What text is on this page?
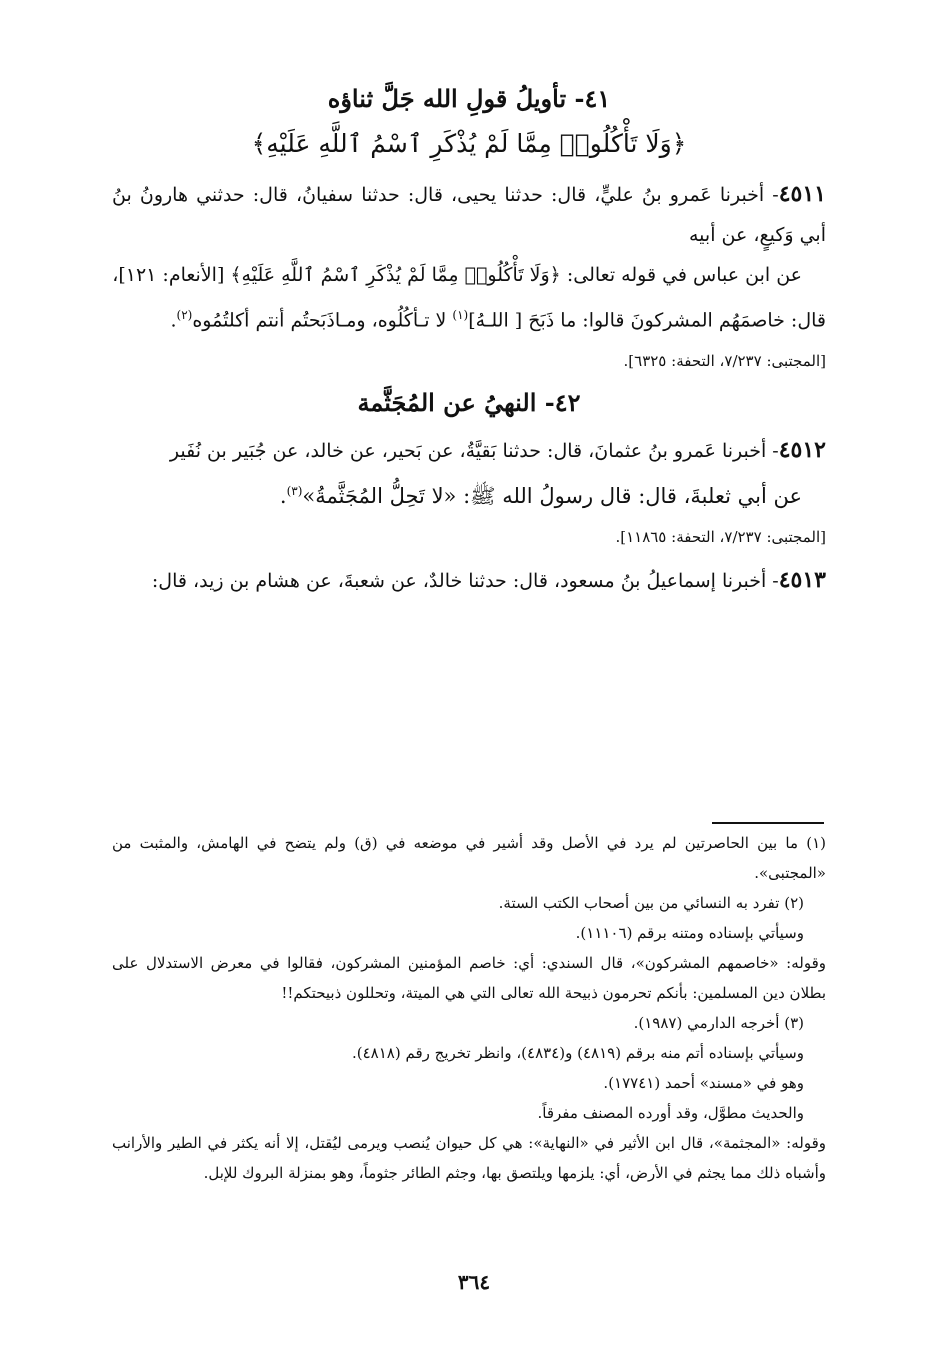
٤١- تأويلُ قولِ الله جَلَّ ثناؤه

﴿وَلَا تَأْكُلُوا۟ مِمَّا لَمْ يُذْكَرِ ٱسْمُ ٱللَّهِ عَلَيْهِ﴾

٤٥١١- أخبرنا عَمرو بنُ عليٍّ، قال: حدثنا يحيى، قال: حدثنا سفيانُ، قال: حدثني هارونُ بنُ أبي وَكيعٍ، عن أبيه

عن ابن عباس في قوله تعالى: ﴿وَلَا تَأْكُلُوا۟ مِمَّا لَمْ يُذْكَرِ ٱسْمُ ٱللَّهِ عَلَيْهِ﴾ [الأنعام: ١٢١]،

قال: خاصمَهُم المشركونَ قالوا: ما ذَبَحَ [ اللـهُ]$^{(١)}$ لا تـأكُلُوه، ومـاذَبَحتُم أنتم أكلتُمُوه$^{(٢)}$.

[المجتبى: ٧/٢٣٧، التحفة: ٦٣٢٥].

٤٢- النهيُ عن المُجَثَّمة

٤٥١٢- أخبرنا عَمرو بنُ عثمانَ، قال: حدثنا بَقيَّةُ، عن بَحير، عن خالد، عن جُبَير بن نُفَير

عن أبي ثعلبةَ، قال: قال رسولُ الله ﷺ: «لا تَحِلُّ المُجَثَّمةُ»$^{(٣)}$.

[المجتبى: ٧/٢٣٧، التحفة: ١١٨٦٥].

٤٥١٣- أخبرنا إسماعيلُ بنُ مسعود، قال: حدثنا خالدٌ، عن شعبةَ، عن هشام بن زيد، قال:

(١) ما بين الحاصرتين لم يرد في الأصل وقد أشير في موضعه في (ق) ولم يتضح في الهامش، والمثبت من «المجتبى».

(٢) تفرد به النسائي من بين أصحاب الكتب الستة.

وسيأتي بإسناده ومتنه برقم (١١١٠٦).

وقوله: «خاصمهم المشركون»، قال السندي: أي: خاصم المؤمنين المشركون، فقالوا في معرض الاستدلال على بطلان دين المسلمين: بأنكم تحرمون ذبيحة الله تعالى التي هي الميتة، وتحللون ذبيحتكم!!

(٣) أخرجه الدارمي (١٩٨٧).

وسيأتي بإسناده أتم منه برقم (٤٨١٩) و(٤٨٣٤)، وانظر تخريج رقم (٤٨١٨).

وهو في «مسند» أحمد (١٧٧٤١).

والحديث مطوَّل، وقد أورده المصنف مفرقاً.

وقوله: «المجثمة»، قال ابن الأثير في «النهاية»: هي كل حيوان يُنصب ويرمى ليُقتل، إلا أنه يكثر في الطير والأرانب وأشباه ذلك مما يجثم في الأرض، أي: يلزمها ويلتصق بها، وجثم الطائر جثوماً، وهو بمنزلة البروك للإبل.

٣٦٤
